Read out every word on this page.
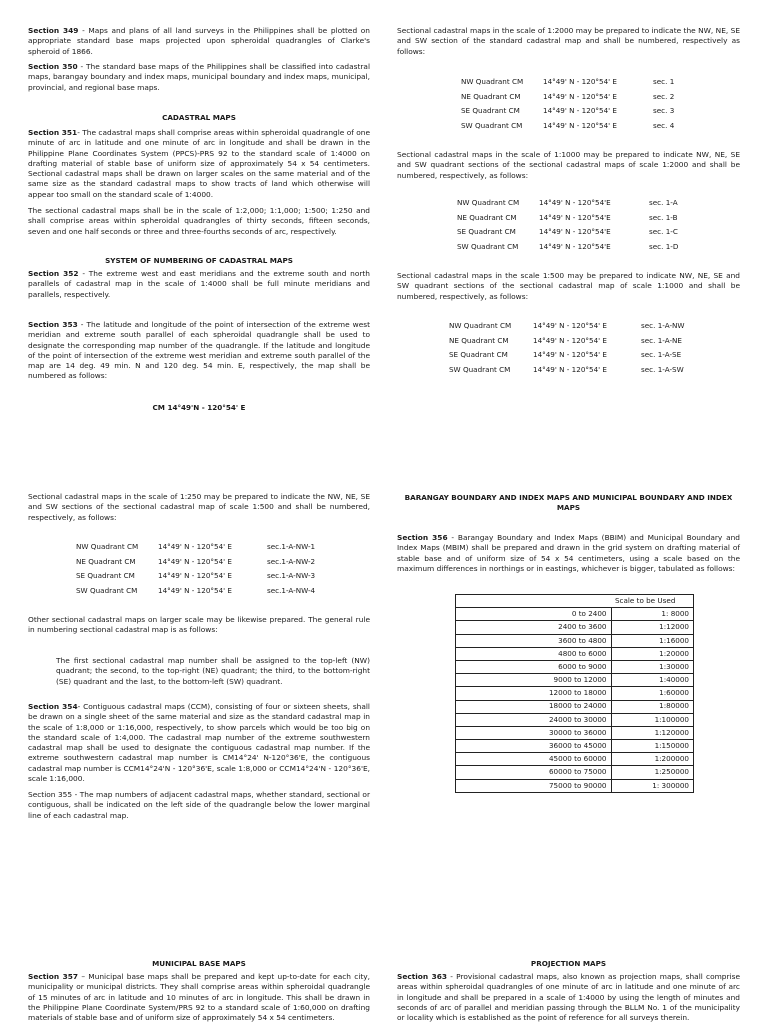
Section 349 - Maps and plans of all land surveys in the Philippines shall be plotted on appropriate standard base maps projected upon spheroidal quadrangles of Clarke's spheroid of 1866.

Section 350 - The standard base maps of the Philippines shall be classified into cadastral maps, barangay boundary and index maps, municipal boundary and index maps, municipal, provincial, and regional base maps.

CADASTRAL MAPS

Section 351- The cadastral maps shall comprise areas within spheroidal quadrangle of one minute of arc in latitude and one minute of arc in longitude and shall be drawn in the Philippine Plane Coordinates System (PPCS)-PRS 92 to the standard scale of 1:4000 on drafting material of stable base of uniform size of approximately 54 x 54 centimeters. Sectional cadastral maps shall be drawn on larger scales on the same material and of the same size as the standard cadastral maps to show tracts of land which otherwise will appear too small on the standard scale of 1:4000.

The sectional cadastral maps shall be in the scale of 1:2,000; 1:1,000; 1:500; 1:250 and shall comprise areas within spheroidal quadrangles of thirty seconds, fifteen seconds, seven and one half seconds or three and three-fourths seconds of arc, respectively.

SYSTEM OF NUMBERING OF CADASTRAL MAPS

Section 352 - The extreme west and east meridians and the extreme south and north parallels of cadastral map in the scale of 1:4000 shall be full minute meridians and parallels, respectively.

Section 353 - The latitude and longitude of the point of intersection of the extreme west meridian and extreme south parallel of each spheroidal quadrangle shall be used to designate the corresponding map number of the quadrangle. If the latitude and longitude of the point of intersection of the extreme west meridian and extreme south parallel of the map are 14 deg. 49 min. N and 120 deg. 54 min. E, respectively, the map shall be numbered as follows:

CM 14°49'N - 120°54' E

Sectional cadastral maps in the scale of 1:250 may be prepared to indicate the NW, NE, SE and SW sections of the sectional cadastral map of scale 1:500 and shall be numbered, respectively, as follows:

NW Quadrant CM	14°49' N - 120°54' E	sec.1-A-NW-1
NE Quadrant CM	14°49' N - 120°54' E	sec.1-A-NW-2
SE Quadrant CM	14°49' N - 120°54' E	sec.1-A-NW-3
SW Quadrant CM	14°49' N - 120°54' E	sec.1-A-NW-4

Other sectional cadastral maps on larger scale may be likewise prepared. The general rule in numbering sectional cadastral map is as follows:

The first sectional cadastral map number shall be assigned to the top-left (NW) quadrant; the second, to the top-right (NE) quadrant; the third, to the bottom-right (SE) quadrant and the last, to the bottom-left (SW) quadrant.

Section 354- Contiguous cadastral maps (CCM), consisting of four or sixteen sheets, shall be drawn on a single sheet of the same material and size as the standard cadastral map in the scale of 1:8,000 or 1:16,000, respectively, to show parcels which would be too big on the standard scale of 1:4,000. The cadastral map number of the extreme southwestern cadastral map shall be used to designate the contiguous cadastral map number. If the extreme southwestern cadastral map number is CM14°24' N-120°36'E, the contiguous cadastral map number is CCM14°24'N - 120°36'E, scale 1:8,000 or CCM14°24'N - 120°36'E, scale 1:16,000.

Section 355 - The map numbers of adjacent cadastral maps, whether standard, sectional or contiguous, shall be indicated on the left side of the quadrangle below the lower marginal line of each cadastral map.

MUNICIPAL BASE MAPS

Section 357 – Municipal base maps shall be prepared and kept up-to-date for each city, municipality or municipal districts. They shall comprise areas within spheroidal quadrangle of 15 minutes of arc in latitude and 10 minutes of arc in longitude. This shall be drawn in the Philippine Plane Coordinate System/PRS 92 to a standard scale of 1:60,000 on drafting materials of stable base and of uniform size of approximately 54 x 54 centimeters.

Sectional cadastral maps in the scale of 1:2000 may be prepared to indicate the NW, NE, SE and SW section of the standard cadastral map and shall be numbered, respectively as follows:

NW Quadrant CM	14°49' N - 120°54' E	sec. 1
NE Quadrant CM	14°49' N - 120°54' E	sec. 2
SE Quadrant CM	14°49' N - 120°54' E	sec. 3
SW Quadrant CM	14°49' N - 120°54' E	sec. 4

Sectional cadastral maps in the scale of 1:1000 may be prepared to indicate NW, NE, SE and SW quadrant sections of the sectional cadastral maps of scale 1:2000 and shall be numbered, respectively, as follows:

NW Quadrant CM	14°49' N - 120°54'E	sec. 1-A
NE Quadrant CM	14°49' N - 120°54'E	sec. 1-B
SE Quadrant CM	14°49' N - 120°54'E	sec. 1-C
SW Quadrant CM	14°49' N - 120°54'E	sec. 1-D

Sectional cadastral maps in the scale 1:500 may be prepared to indicate NW, NE, SE and SW quadrant sections of the sectional cadastral map of scale 1:1000 and shall be numbered, respectively, as follows:

NW Quadrant CM	14°49' N - 120°54' E	sec. 1-A-NW
NE Quadrant CM	14°49' N - 120°54' E	sec. 1-A-NE
SE Quadrant CM	14°49' N - 120°54' E	sec. 1-A-SE
SW Quadrant CM	14°49' N - 120°54' E	sec. 1-A-SW
BARANGAY BOUNDARY AND INDEX MAPS AND MUNICIPAL BOUNDARY AND INDEX MAPS

Section 356 - Barangay Boundary and Index Maps (BBIM) and Municipal Boundary and Index Maps (MBIM) shall be prepared and drawn in the grid system on drafting material of stable base and of uniform size of 54 x 54 centimeters, using a scale based on the maximum differences in northings or in eastings, whichever is bigger, tabulated as follows:

	Scale to be Used
0 to 2400	1: 8000
2400 to 3600	1:12000
3600 to 4800	1:16000
4800 to 6000	1:20000
6000 to 9000	1:30000
9000 to 12000	1:40000
12000 to 18000	1:60000
18000 to 24000	1:80000
24000 to 30000	1:100000
30000 to 36000	1:120000
36000 to 45000	1:150000
45000 to 60000	1:200000
60000 to 75000	1:250000
75000 to 90000	1: 300000
PROJECTION MAPS

Section 363 - Provisional cadastral maps, also known as projection maps, shall comprise areas within spheroidal quadrangles of one minute of arc in latitude and one minute of arc in longitude and shall be prepared in a scale of 1:4000 by using the length of minutes and seconds of arc of parallel and meridian passing through the BLLM No. 1 of the municipality or locality which is established as the point of reference for all surveys therein.
